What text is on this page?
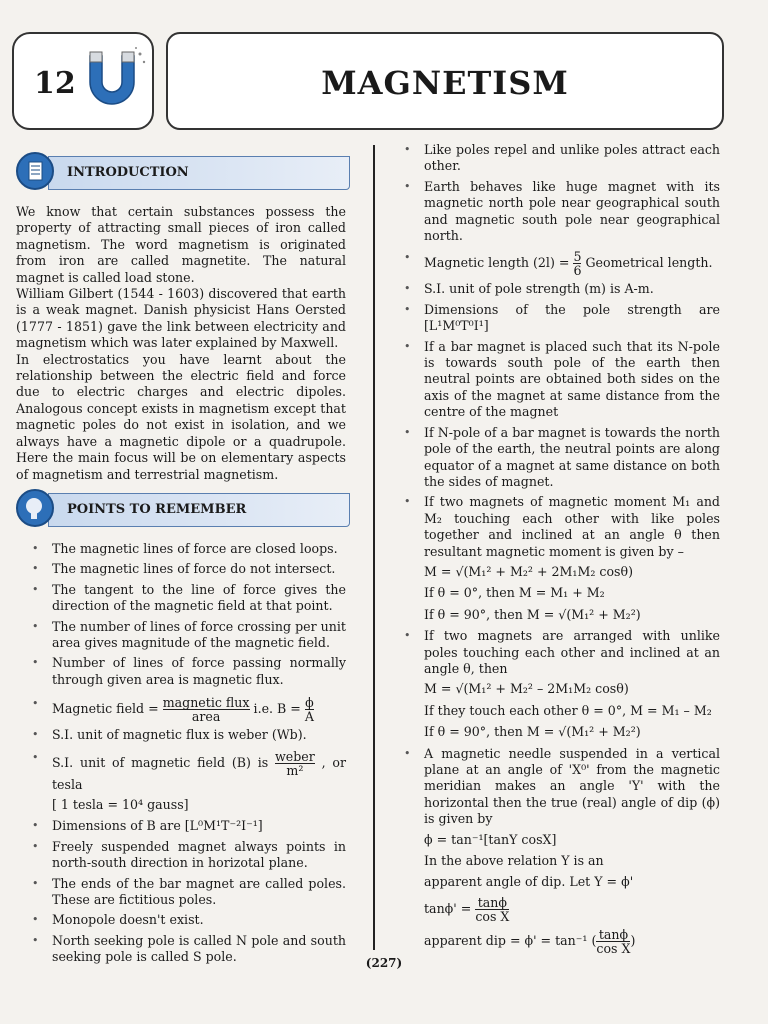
12	MAGNETISM
INTRODUCTION

We know that certain substances possess the property of attracting small pieces of iron called magnetism. The word magnetism is originated from iron are called magnetite. The natural magnet is called load stone.

William Gilbert (1544 - 1603) discovered that earth is a weak magnet. Danish physicist Hans Oersted (1777 - 1851) gave the link between electricity and magnetism which was later explained by Maxwell.

In electrostatics you have learnt about the relationship between the electric field and force due to electric charges and electric dipoles. Analogous concept exists in magnetism except that magnetic poles do not exist in isolation, and we always have a magnetic dipole or a quadrupole. Here the main focus will be on elementary aspects of magnetism and terrestrial magnetism.

POINTS TO REMEMBER
• The magnetic lines of force are closed loops.
• The magnetic lines of force do not intersect.
• The tangent to the line of force gives the direction of the magnetic field at that point.
• The number of lines of force crossing per unit area gives magnitude of the magnetic field.
• Number of lines of force passing normally through given area is magnetic flux.
• Magnetic field = $\frac{\text{magnetic flux}}{\text{area}} i.e$. $B = \frac{\phi}{A}$
• S.I. unit of magnetic flux is weber (Wb).
• S.I. unit of magnetic field (B) is $\frac{\text{weber}}{\text{m²}}$ , or tesla
[ 1 tesla = 10⁴ gauss]
• Dimensions of B are [L⁰M¹T⁻²I⁻¹]
• Freely suspended magnet always points in north-south direction in horizotal plane.
• The ends of the bar magnet are called poles. These are fictitious poles.
• Monopole doesn't exist.
• North seeking pole is called N pole and south seeking pole is called S pole.
• Like poles repel and unlike poles attract each other.
• Earth behaves like huge magnet with its magnetic north pole near geographical south and magnetic south pole near geographical north.
• Magnetic length $(2l) = \frac{5}{6}$ Geometrical length.
• S.I. unit of pole strength (m) is A-m.
• Dimensions of the pole strength are [L¹M⁰T⁰I¹]
• If a bar magnet is placed such that its N-pole is towards south pole of the earth then neutral points are obtained both sides on the axis of the magnet at same distance from the centre of the magnet
• If N-pole of a bar magnet is towards the north pole of the earth, the neutral points are along equator of a magnet at same distance on both the sides of magnet.
• If two magnets of magnetic moment M₁ and M₂ touching each other with like poles together and inclined at an angle θ then resultant magnetic moment is given by –
M = √(M₁² + M₂² + 2M₁M₂ cosθ)
If θ = 0°, then M = M₁ + M₂
If θ = 90°, then M = √(M₁² + M₂²)
• If two magnets are arranged with unlike poles touching each other and inclined at an angle θ, then
M = √(M₁² + M₂² – 2M₁M₂ cosθ)
If they touch each other θ = 0°, M = M₁ – M₂
If θ = 90°, then M = √(M₁² + M₂²)
• A magnetic needle suspended in a vertical plane at an angle of 'X⁰' from the magnetic meridian makes an angle 'Y' with the horizontal then the true (real) angle of dip (ϕ) is given by
ϕ = tan⁻¹[tanY cosX]
In the above relation Y is an
apparent angle of dip. Let Y = ϕ'
$\tan\phi' = \frac{\tan\phi}{\text{cos X}}$
apparent dip = ϕ' = tan⁻¹ ( $\frac{\tan\phi}{\text{cos X}}$ )
(227)
